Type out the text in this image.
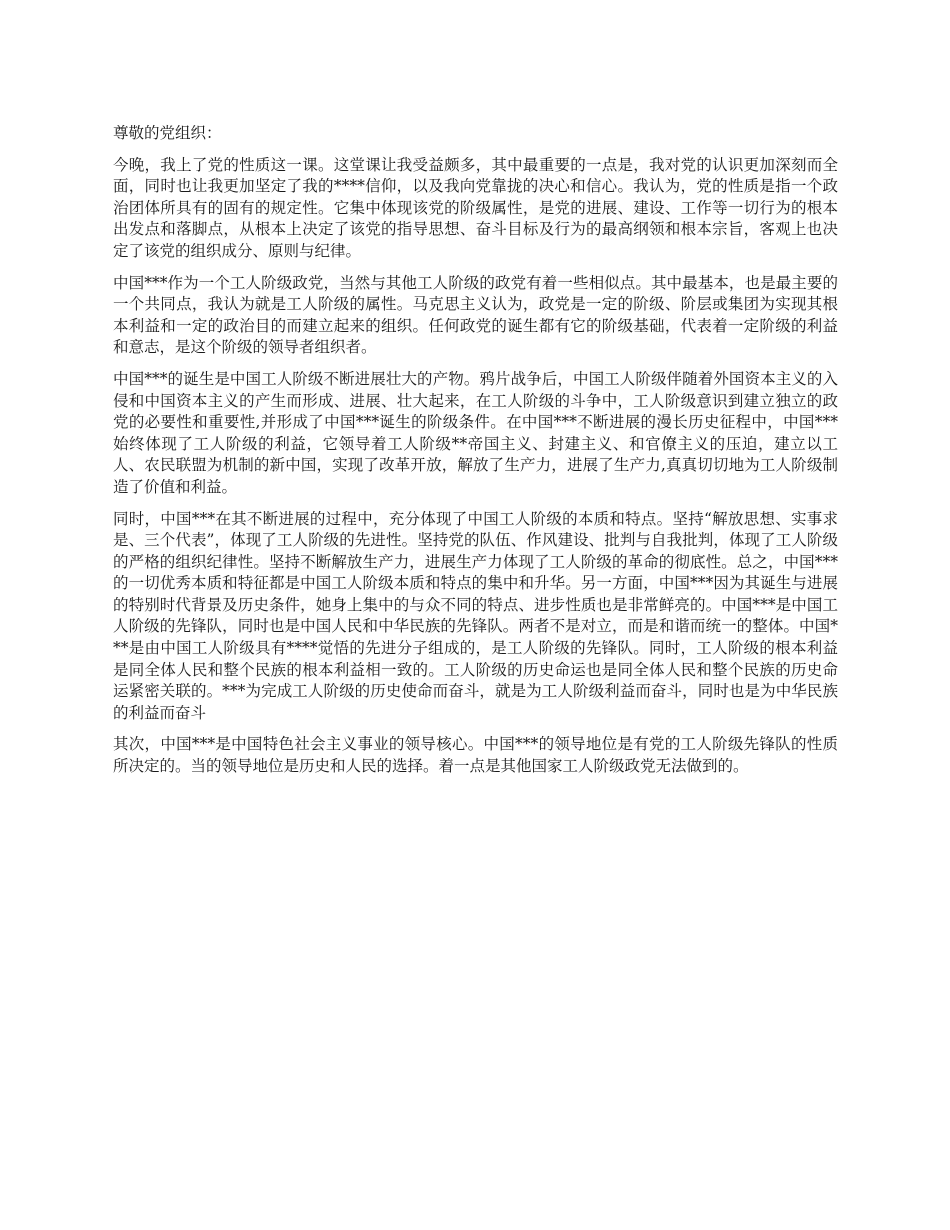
尊敬的党组织：

今晚，我上了党的性质这一课。这堂课让我受益颇多，其中最重要的一点是，我对党的认识更加深刻而全面，同时也让我更加坚定了我的****信仰，以及我向党靠拢的决心和信心。我认为，党的性质是指一个政治团体所具有的固有的规定性。它集中体现该党的阶级属性，是党的进展、建设、工作等一切行为的根本出发点和落脚点，从根本上决定了该党的指导思想、奋斗目标及行为的最高纲领和根本宗旨，客观上也决定了该党的组织成分、原则与纪律。

中国***作为一个工人阶级政党，当然与其他工人阶级的政党有着一些相似点。其中最基本，也是最主要的一个共同点，我认为就是工人阶级的属性。马克思主义认为，政党是一定的阶级、阶层或集团为实现其根本利益和一定的政治目的而建立起来的组织。任何政党的诞生都有它的阶级基础，代表着一定阶级的利益和意志，是这个阶级的领导者组织者。

中国***的诞生是中国工人阶级不断进展壮大的产物。鸦片战争后，中国工人阶级伴随着外国资本主义的入侵和中国资本主义的产生而形成、进展、壮大起来，在工人阶级的斗争中，工人阶级意识到建立独立的政党的必要性和重要性,并形成了中国***诞生的阶级条件。在中国***不断进展的漫长历史征程中，中国***始终体现了工人阶级的利益，它领导着工人阶级**帝国主义、封建主义、和官僚主义的压迫，建立以工人、农民联盟为机制的新中国，实现了改革开放，解放了生产力，进展了生产力,真真切切地为工人阶级制造了价值和利益。

同时，中国***在其不断进展的过程中，充分体现了中国工人阶级的本质和特点。坚持“解放思想、实事求是、三个代表”，体现了工人阶级的先进性。坚持党的队伍、作风建设、批判与自我批判，体现了工人阶级的严格的组织纪律性。坚持不断解放生产力，进展生产力体现了工人阶级的革命的彻底性。总之，中国***的一切优秀本质和特征都是中国工人阶级本质和特点的集中和升华。另一方面，中国***因为其诞生与进展的特别时代背景及历史条件，她身上集中的与众不同的特点、进步性质也是非常鲜亮的。中国***是中国工人阶级的先锋队，同时也是中国人民和中华民族的先锋队。两者不是对立，而是和谐而统一的整体。中国***是由中国工人阶级具有****觉悟的先进分子组成的，是工人阶级的先锋队。同时，工人阶级的根本利益是同全体人民和整个民族的根本利益相一致的。工人阶级的历史命运也是同全体人民和整个民族的历史命运紧密关联的。***为完成工人阶级的历史使命而奋斗，就是为工人阶级利益而奋斗，同时也是为中华民族的利益而奋斗

其次，中国***是中国特色社会主义事业的领导核心。中国***的领导地位是有党的工人阶级先锋队的性质所决定的。当的领导地位是历史和人民的选择。着一点是其他国家工人阶级政党无法做到的。
